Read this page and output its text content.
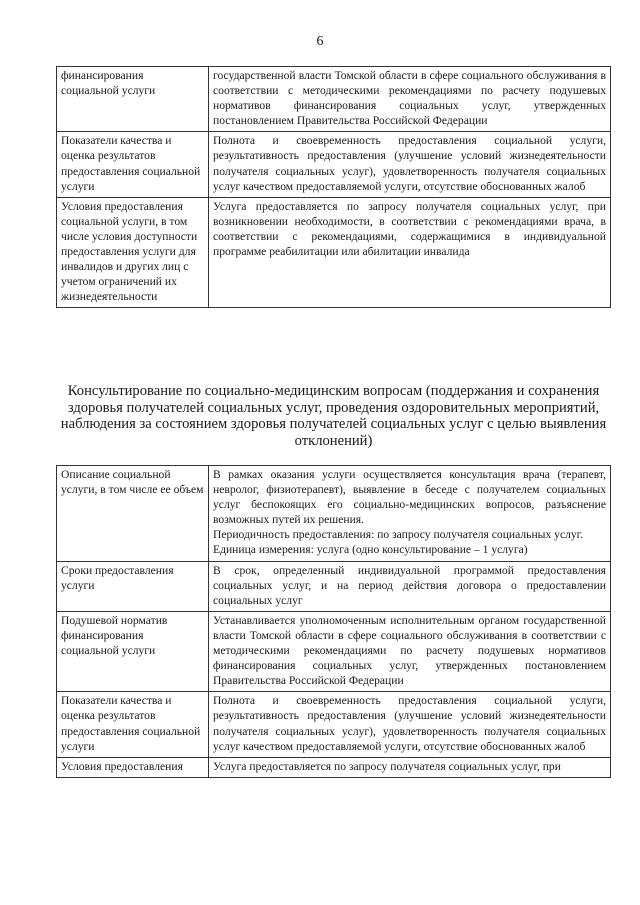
6
финансирования социальной услуги	государственной власти Томской области в сфере социального обслуживания в соответствии с методическими рекомендациями по расчету подушевых нормативов финансирования социальных услуг, утвержденных постановлением Правительства Российской Федерации
Показатели качества и оценка результатов предоставления социальной услуги	Полнота и своевременность предоставления социальной услуги, результативность предоставления (улучшение условий жизнедеятельности получателя социальных услуг), удовлетворенность получателя социальных услуг качеством предоставляемой услуги, отсутствие обоснованных жалоб
Условия предоставления социальной услуги, в том числе условия доступности предоставления услуги для инвалидов и других лиц с учетом ограничений их жизнедеятельности	Услуга предоставляется по запросу получателя социальных услуг, при возникновении необходимости, в соответствии с рекомендациями врача, в соответствии с рекомендациями, содержащимися в индивидуальной программе реабилитации или абилитации инвалида
Консультирование по социально-медицинским вопросам (поддержания и сохранения здоровья получателей социальных услуг, проведения оздоровительных мероприятий, наблюдения за состоянием здоровья получателей социальных услуг с целью выявления отклонений)
Описание социальной услуги, в том числе ее объем	В рамках оказания услуги осуществляется консультация врача (терапевт, невролог, физиотерапевт), выявление в беседе с получателем социальных услуг беспокоящих его социально-медицинских вопросов, разъяснение возможных путей их решения.
Периодичность предоставления: по запросу получателя социальных услуг.
Единица измерения: услуга (одно консультирование – 1 услуга)

Сроки предоставления услуги	В срок, определенный индивидуальной программой предоставления социальных услуг, и на период действия договора о предоставлении социальных услуг
Подушевой норматив финансирования социальной услуги	Устанавливается уполномоченным исполнительным органом государственной власти Томской области в сфере социального обслуживания в соответствии с методическими рекомендациями по расчету подушевых нормативов финансирования социальных услуг, утвержденных постановлением Правительства Российской Федерации
Показатели качества и оценка результатов предоставления социальной услуги	Полнота и своевременность предоставления социальной услуги, результативность предоставления (улучшение условий жизнедеятельности получателя социальных услуг), удовлетворенность получателя социальных услуг качеством предоставляемой услуги, отсутствие обоснованных жалоб
Условия предоставления	Услуга предоставляется по запросу получателя социальных услуг, при
